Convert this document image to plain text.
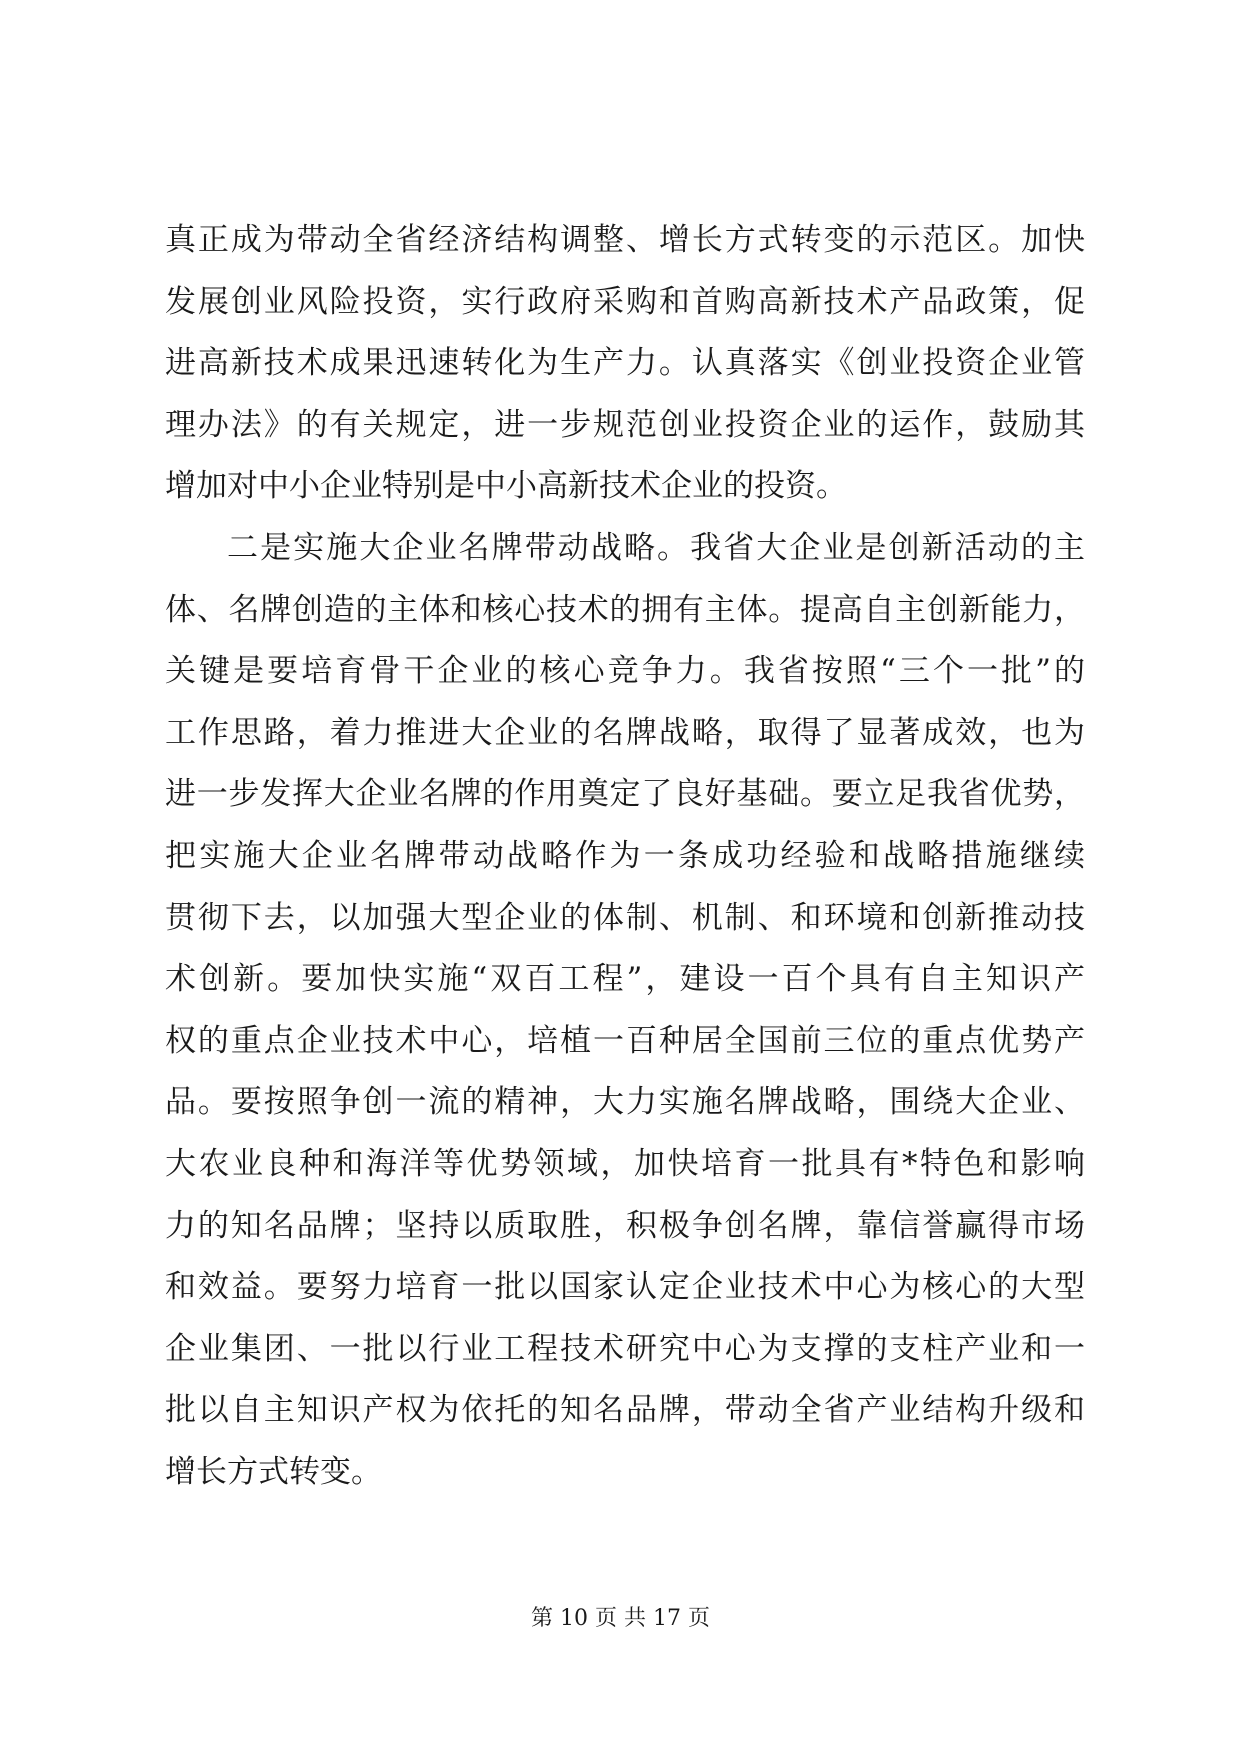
真正成为带动全省经济结构调整、增长方式转变的示范区。加快
发展创业风险投资，实行政府采购和首购高新技术产品政策，促
进高新技术成果迅速转化为生产力。认真落实《创业投资企业管
理办法》的有关规定，进一步规范创业投资企业的运作，鼓励其
增加对中小企业特别是中小高新技术企业的投资。
二是实施大企业名牌带动战略。我省大企业是创新活动的主
体、名牌创造的主体和核心技术的拥有主体。提高自主创新能力，
关键是要培育骨干企业的核心竞争力。我省按照“三个一批”的
工作思路，着力推进大企业的名牌战略，取得了显著成效，也为
进一步发挥大企业名牌的作用奠定了良好基础。要立足我省优势，
把实施大企业名牌带动战略作为一条成功经验和战略措施继续
贯彻下去，以加强大型企业的体制、机制、和环境和创新推动技
术创新。要加快实施“双百工程”，建设一百个具有自主知识产
权的重点企业技术中心，培植一百种居全国前三位的重点优势产
品。要按照争创一流的精神，大力实施名牌战略，围绕大企业、
大农业良种和海洋等优势领域，加快培育一批具有*特色和影响
力的知名品牌；坚持以质取胜，积极争创名牌，靠信誉赢得市场
和效益。要努力培育一批以国家认定企业技术中心为核心的大型
企业集团、一批以行业工程技术研究中心为支撑的支柱产业和一
批以自主知识产权为依托的知名品牌，带动全省产业结构升级和
增长方式转变。
第 10 页 共 17 页
